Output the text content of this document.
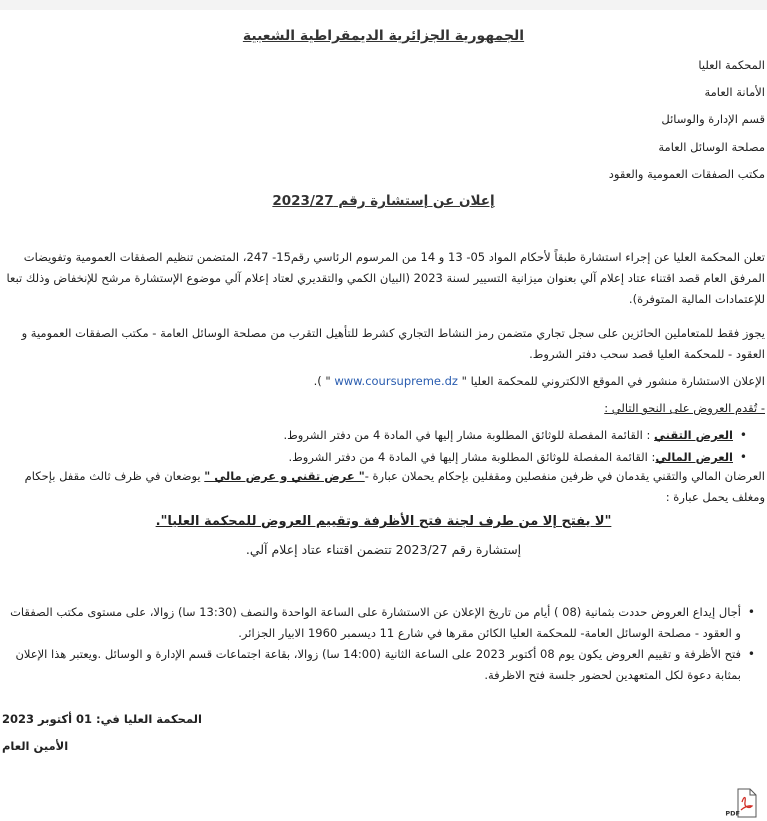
الجمهورية الجزائرية الديمقراطية الشعبية
المحكمة العليا
الأمانة العامة
قسم الإدارة والوسائل
مصلحة الوسائل العامة
مكتب الصفقات العمومية والعقود
إعلان عن إستشارة رقم 2023/27

تعلن المحكمة العليا عن إجراء استشارة طبقاً لأحكام المواد 05- 13 و 14 من المرسوم الرئاسي رقم15- 247، المتضمن تنظيم الصفقات العمومية وتفويضات المرفق العام قصد اقتناء عتاد إعلام آلي بعنوان ميزانية التسيير لسنة 2023 (البيان الكمي والتقديري لعتاد إعلام آلي موضوع الإستشارة مرشح للإنخفاض وذلك تبعا للإعتمادات المالية المتوفرة).

يجوز فقط للمتعاملين الحائزين على سجل تجاري متضمن رمز النشاط التجاري كشرط للتأهيل التقرب من مصلحة الوسائل العامة - مكتب الصفقات العمومية و العقود - للمحكمة العليا قصد سحب دفتر الشروط.

الإعلان الاستشارة منشور في الموقع الالكتروني للمحكمة العليا " www.coursupreme.dz " ).

- تُقدم العروض على النحو التالي :

• العرض التقني : القائمة المفصلة للوثائق المطلوبة مشار إليها في المادة 4 من دفتر الشروط.
• العرض المالي: القائمة المفصلة للوثائق المطلوبة مشار إليها في المادة 4 من دفتر الشروط.

العرضان المالي والتقني يقدمان في ظرفين منفصلين ومقفلين بإحكام يحملان عبارة -" عرض تقني و عرض مالي " يوضعان في ظرف ثالث مقفل بإحكام ومغلف يحمل عبارة :

"لا يفتح إلا من طرف لجنة فتح الأظرفة وتقييم العروض للمحكمة العليا".
إستشارة رقم 2023/27 تتضمن اقتناء عتاد إعلام آلي.
• أجال إيداع العروض حددت بثمانية (08 ) أيام من تاريخ الإعلان عن الاستشارة على الساعة الواحدة والنصف (13:30 سا) زوالا، على مستوى مكتب الصفقات و العقود - مصلحة الوسائل العامة- للمحكمة العليا الكائن مقرها في شارع 11 ديسمبر 1960 الابيار الجزائر.
• فتح الأظرفة و تقييم العروض يكون يوم 08 أكتوبر 2023 على الساعة الثانية (14:00 سا) زوالا، بقاعة اجتماعات قسم الإدارة و الوسائل .ويعتبر هذا الإعلان بمثابة دعوة لكل المتعهدين لحضور جلسة فتح الاظرفة.
المحكمة العليا في: 01 أكتوبر 2023
الأمين العام
PDF
